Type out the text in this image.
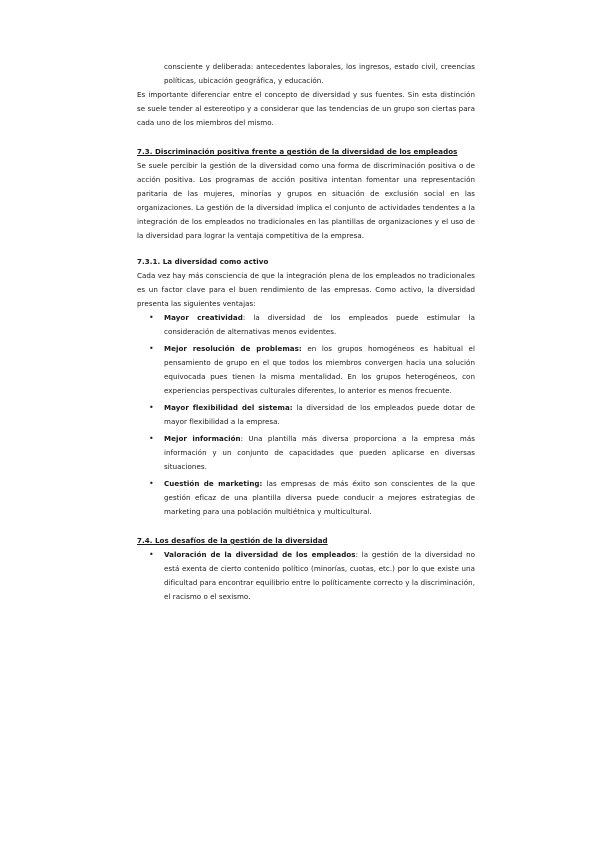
consciente y deliberada: antecedentes laborales, los ingresos, estado civil, creencias políticas, ubicación geográfica, y educación.

Es importante diferenciar entre el concepto de diversidad y sus fuentes. Sin esta distinción se suele tender al estereotipo y a considerar que las tendencias de un grupo son ciertas para cada uno de los miembros del mismo.

7.3. Discriminación positiva frente a gestión de la diversidad de los empleados

Se suele percibir la gestión de la diversidad como una forma de discriminación positiva o de acción positiva. Los programas de acción positiva intentan fomentar una representación paritaria de las mujeres, minorías y grupos en situación de exclusión social en las organizaciones. La gestión de la diversidad implica el conjunto de actividades tendentes a la integración de los empleados no tradicionales en las plantillas de organizaciones y el uso de la diversidad para lograr la ventaja competitiva de la empresa.

7.3.1. La diversidad como activo

Cada vez hay más consciencia de que la integración plena de los empleados no tradicionales es un factor clave para el buen rendimiento de las empresas. Como activo, la diversidad presenta las siguientes ventajas:

• Mayor creatividad: la diversidad de los empleados puede estimular la consideración de alternativas menos evidentes.
• Mejor resolución de problemas: en los grupos homogéneos es habitual el pensamiento de grupo en el que todos los miembros convergen hacia una solución equivocada pues tienen la misma mentalidad. En los grupos heterogéneos, con experiencias perspectivas culturales diferentes, lo anterior es menos frecuente.
• Mayor flexibilidad del sistema: la diversidad de los empleados puede dotar de mayor flexibilidad a la empresa.
• Mejor información: Una plantilla más diversa proporciona a la empresa más información y un conjunto de capacidades que pueden aplicarse en diversas situaciones.
• Cuestión de marketing: las empresas de más éxito son conscientes de la que gestión eficaz de una plantilla diversa puede conducir a mejores estrategias de marketing para una población multiétnica y multicultural.
7.4. Los desafíos de la gestión de la diversidad
• Valoración de la diversidad de los empleados: la gestión de la diversidad no está exenta de cierto contenido político (minorías, cuotas, etc.) por lo que existe una dificultad para encontrar equilibrio entre lo políticamente correcto y la discriminación, el racismo o el sexismo.
